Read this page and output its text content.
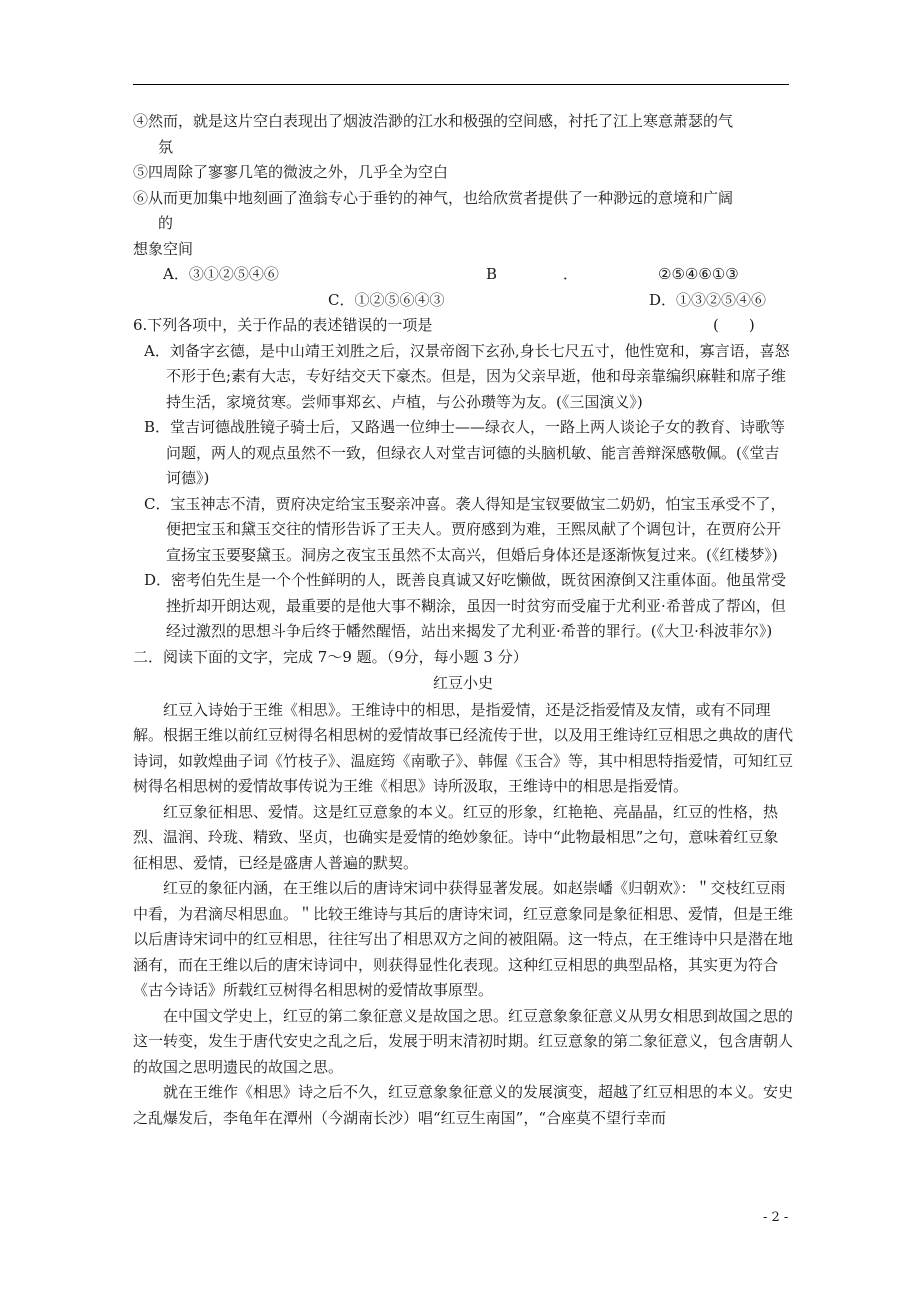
④然而，就是这片空白表现出了烟波浩渺的江水和极强的空间感，衬托了江上寒意萧瑟的气
氛

⑤四周除了寥寥几笔的微波之外，几乎全为空白

⑥从而更加集中地刻画了渔翁专心于垂钓的神气，也给欣赏者提供了一种渺远的意境和广阔
的

想象空间

A．③①②⑤④⑥	B	．	②⑤④⑥①③
C．①②⑤⑥④③	D．①③②⑤④⑥

6.下列各项中，关于作品的表述错误的一项是	(　　)

A．刘备字玄德，是中山靖王刘胜之后，汉景帝阁下玄孙,身长七尺五寸，他性宽和，寡言语，喜怒不形于色;素有大志，专好结交天下豪杰。但是，因为父亲早逝，他和母亲靠编织麻鞋和席子维持生活，家境贫寒。尝师事郑玄、卢植，与公孙瓒等为友。(《三国演义》)

B．堂吉诃德战胜镜子骑士后，又路遇一位绅士——绿衣人，一路上两人谈论子女的教育、诗歌等问题，两人的观点虽然不一致，但绿衣人对堂吉诃德的头脑机敏、能言善辩深感敬佩。(《堂吉诃德》)

C．宝玉神志不清，贾府决定给宝玉娶亲冲喜。袭人得知是宝钗要做宝二奶奶，怕宝玉承受不了，便把宝玉和黛玉交往的情形告诉了王夫人。贾府感到为难，王熙凤献了个调包计，在贾府公开宣扬宝玉要娶黛玉。洞房之夜宝玉虽然不太高兴，但婚后身体还是逐渐恢复过来。(《红楼梦》)

D．密考伯先生是一个个性鲜明的人，既善良真诚又好吃懒做，既贫困潦倒又注重体面。他虽常受挫折却开朗达观，最重要的是他大事不糊涂，虽因一时贫穷而受雇于尤利亚·希普成了帮凶，但经过激烈的思想斗争后终于幡然醒悟，站出来揭发了尤利亚·希普的罪行。(《大卫·科波菲尔》)

二．阅读下面的文字，完成 7～9 题。（9分，每小题 3 分）

红豆小史

红豆入诗始于王维《相思》。王维诗中的相思，是指爱情，还是泛指爱情及友情，或有不同理解。根据王维以前红豆树得名相思树的爱情故事已经流传于世，以及用王维诗红豆相思之典故的唐代诗词，如敦煌曲子词《竹枝子》、温庭筠《南歌子》、韩偓《玉合》等，其中相思特指爱情，可知红豆树得名相思树的爱情故事传说为王维《相思》诗所汲取，王维诗中的相思是指爱情。

红豆象征相思、爱情。这是红豆意象的本义。红豆的形象，红艳艳、亮晶晶，红豆的性格，热烈、温润、玲珑、精致、坚贞，也确实是爱情的绝妙象征。诗中“此物最相思”之句，意味着红豆象征相思、爱情，已经是盛唐人普遍的默契。

红豆的象征内涵，在王维以后的唐诗宋词中获得显著发展。如赵崇嶓《归朝欢》：＂交枝红豆雨中看，为君滴尽相思血。＂比较王维诗与其后的唐诗宋词，红豆意象同是象征相思、爱情，但是王维以后唐诗宋词中的红豆相思，往往写出了相思双方之间的被阻隔。这一特点，在王维诗中只是潜在地涵有，而在王维以后的唐宋诗词中，则获得显性化表现。这种红豆相思的典型品格，其实更为符合《古今诗话》所载红豆树得名相思树的爱情故事原型。

在中国文学史上，红豆的第二象征意义是故国之思。红豆意象象征意义从男女相思到故国之思的这一转变，发生于唐代安史之乱之后，发展于明末清初时期。红豆意象的第二象征意义，包含唐朝人的故国之思明遗民的故国之思。

就在王维作《相思》诗之后不久，红豆意象象征意义的发展演变，超越了红豆相思的本义。安史之乱爆发后，李龟年在潭州（今湖南长沙）唱“红豆生南国”，“合座莫不望行幸而

- 2 -
